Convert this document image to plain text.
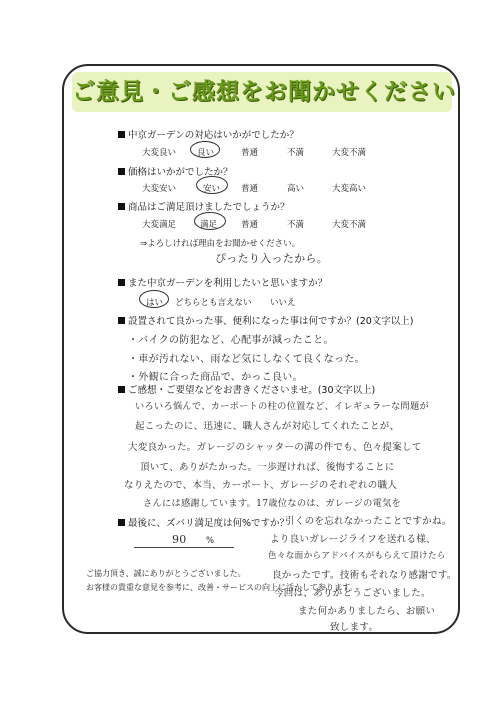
ご意見・ご感想をお聞かせください
中京ガーデンの対応はいかがでしたか？
大変良い 良い	普通	不満	大変不満
価格はいかがでしたか？
大変安い	安い 普通	高い	大変高い
商品はご満足頂けましたでしょうか？
大変満足	満足	普通	不満	大変不満
⇒よろしければ理由をお聞かせください。
ぴったり入ったから。
また中京ガーデンを利用したいと思いますか？
はい どちらとも言えない いいえ
設置されて良かった事、便利になった事は何ですか？(20文字以上)
・バイクの防犯など、心配事が減ったこと。
・車が汚れない、雨など気にしなくて良くなった。
・外観に合った商品で、かっこ良い。
ご感想・ご要望などをお書きくださいませ。(30文字以上)
いろいろ悩んで、カーポートの柱の位置など、イレギュラーな問題が
起こったのに、迅速に、職人さんが対応してくれたことが、
大変良かった。ガレージのシャッターの溝の件でも、色々提案して
頂いて、ありがたかった。一歩遅ければ、後悔することに
なりえたので、本当、カーポート、ガレージのそれぞれの職人
さんには感謝しています。17歳位なのは、ガレージの電気を
引くのを忘れなかったことですかね。
より良いガレージライフを送れる様、
色々な面からアドバイスがもらえて頂けたら
良かったです。技術もそれなり感謝です。
今回は、ありがとうございました。
また何かありましたら、お願い
致します。
最後に、ズバリ満足度は何%ですか？
90 %
ご協力頂き、誠にありがとうございました。
お客様の貴重な意見を参考に、改善・サービスの向上に活かして参ります。
